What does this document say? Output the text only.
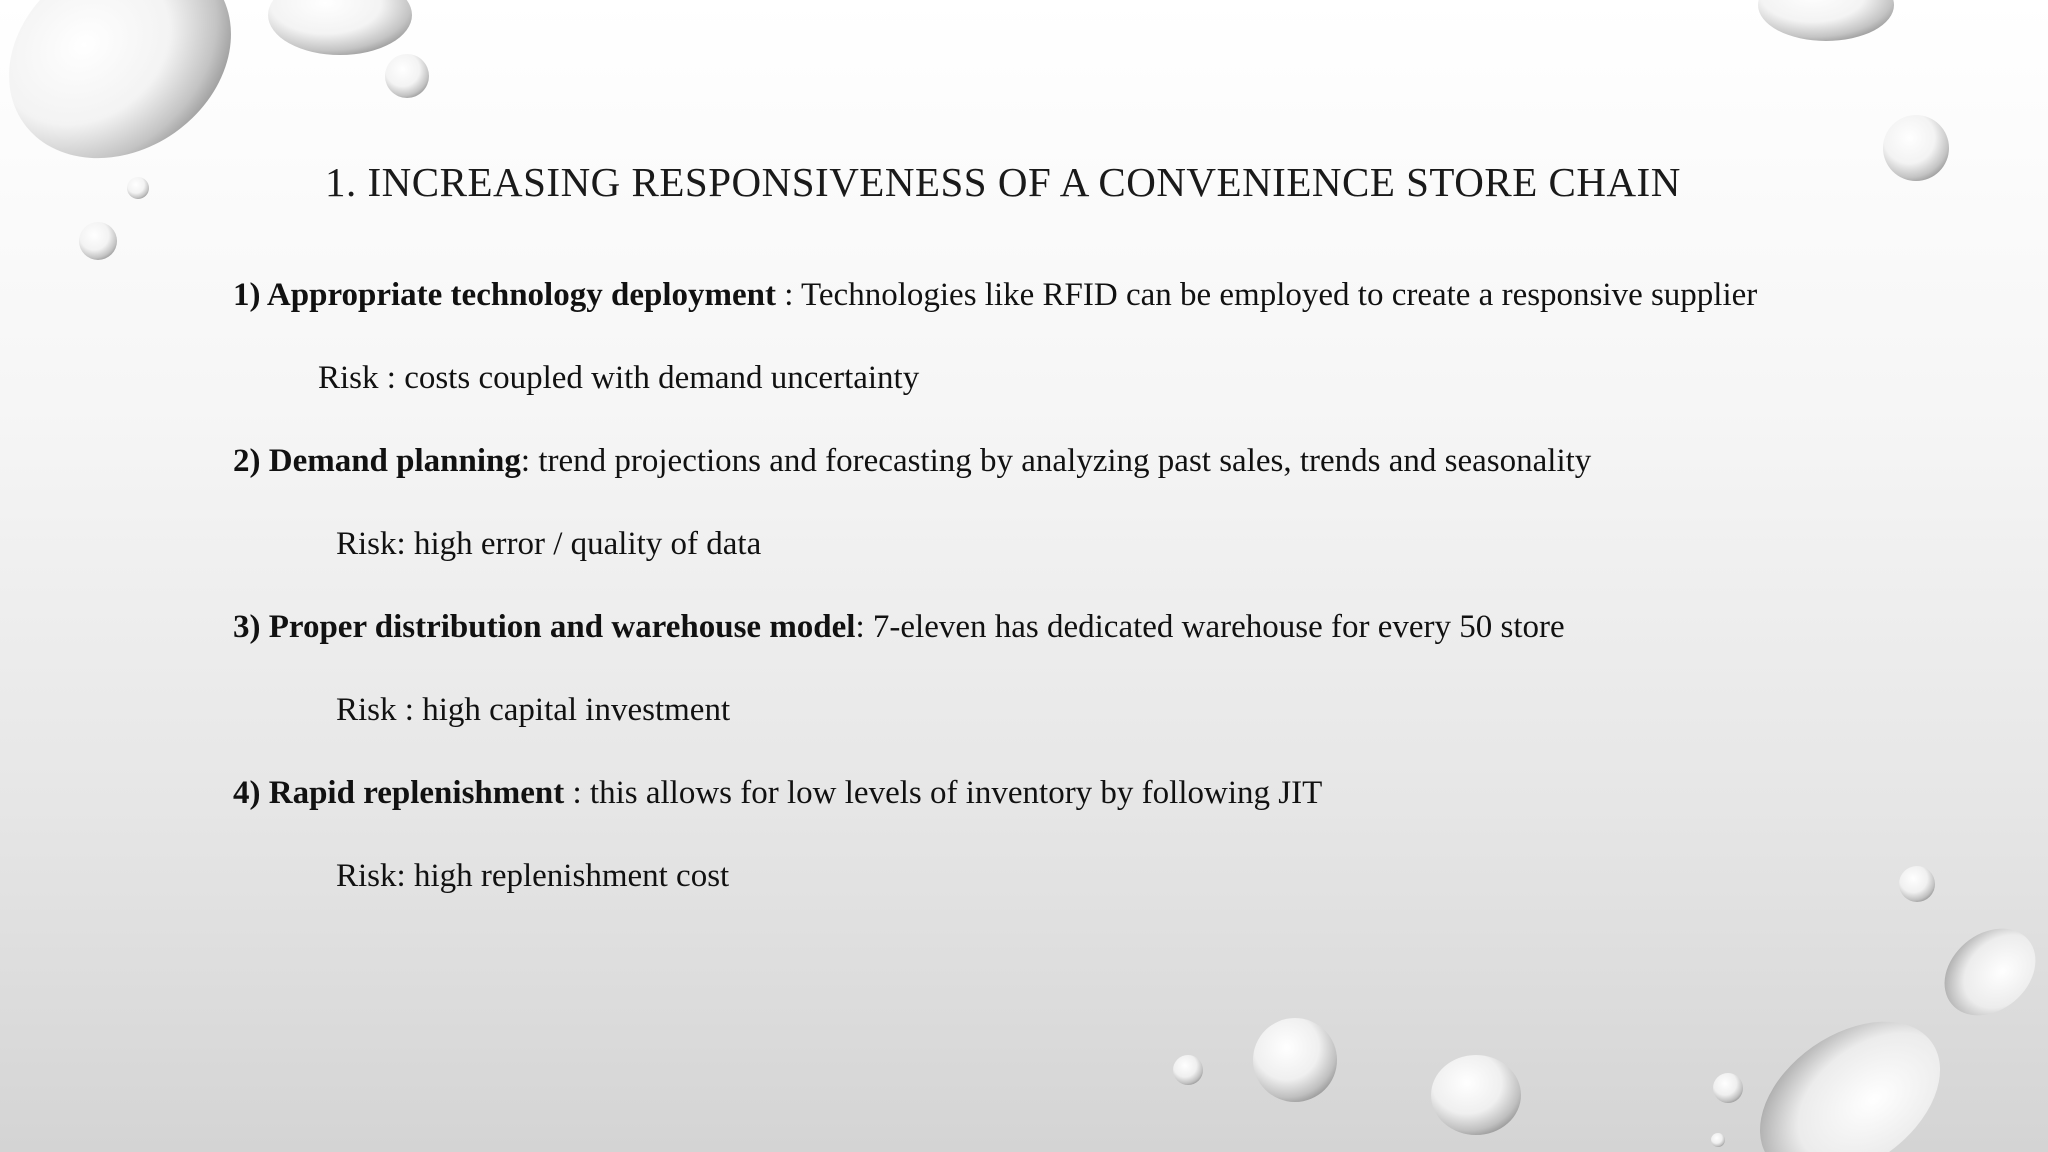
1. INCREASING RESPONSIVENESS OF A CONVENIENCE STORE CHAIN
1) Appropriate technology deployment : Technologies like RFID can be employed to create a responsive supplier
Risk : costs coupled with demand uncertainty
2) Demand planning: trend projections and forecasting by analyzing past sales, trends and seasonality
Risk: high error / quality of data
3) Proper distribution and warehouse model: 7-eleven has dedicated warehouse for every 50 store
Risk : high capital investment
4) Rapid replenishment : this allows for low levels of inventory by following JIT
Risk: high replenishment cost
